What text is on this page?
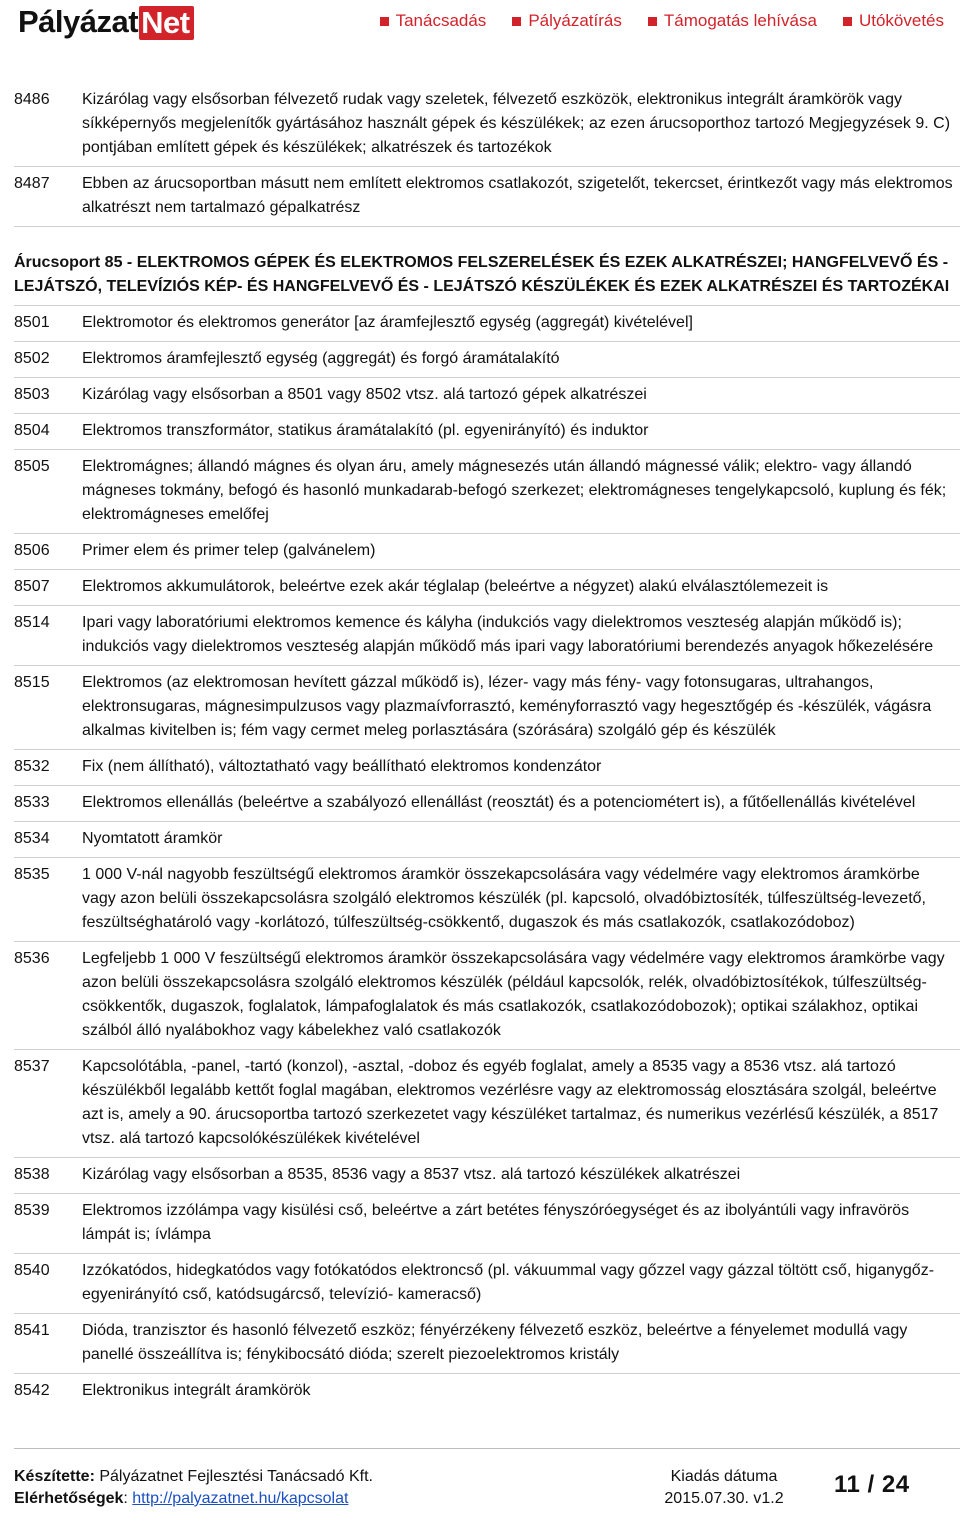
Pályázat Net	Tanácsadás Pályázatírás Támogatás lehívása Utókövetés
8486	Kizárólag vagy elsősorban félvezető rudak vagy szeletek, félvezető eszközök, elektronikus integrált áramkörök vagy síkképernyős megjelenítők gyártásához használt gépek és készülékek; az ezen árucsoporthoz tartozó Megjegyzések 9. C) pontjában említett gépek és készülékek; alkatrészek és tartozékok
8487	Ebben az árucsoportban másutt nem említett elektromos csatlakozót, szigetelőt, tekercset, érintkezőt vagy más elektromos alkatrészt nem tartalmazó gépalkatrész
Árucsoport 85 - ELEKTROMOS GÉPEK ÉS ELEKTROMOS FELSZERELÉSEK ÉS EZEK ALKATRÉSZEI; HANGFELVEVŐ ÉS - LEJÁTSZÓ, TELEVÍZIÓS KÉP- ÉS HANGFELVEVŐ ÉS - LEJÁTSZÓ KÉSZÜLÉKEK ÉS EZEK ALKATRÉSZEI ÉS TARTOZÉKAI
8501	Elektromotor és elektromos generátor [az áramfejlesztő egység (aggregát) kivételével]
8502	Elektromos áramfejlesztő egység (aggregát) és forgó áramátalakító
8503	Kizárólag vagy elsősorban a 8501 vagy 8502 vtsz. alá tartozó gépek alkatrészei
8504	Elektromos transzformátor, statikus áramátalakító (pl. egyenirányító) és induktor
8505	Elektromágnes; állandó mágnes és olyan áru, amely mágnesezés után állandó mágnessé válik; elektro- vagy állandó mágneses tokmány, befogó és hasonló munkadarab-befogó szerkezet; elektromágneses tengelykapcsoló, kuplung és fék; elektromágneses emelőfej
8506	Primer elem és primer telep (galvánelem)
8507	Elektromos akkumulátorok, beleértve ezek akár téglalap (beleértve a négyzet) alakú elválasztólemezeit is
8514	Ipari vagy laboratóriumi elektromos kemence és kályha (indukciós vagy dielektromos veszteség alapján működő is); indukciós vagy dielektromos veszteség alapján működő más ipari vagy laboratóriumi berendezés anyagok hőkezelésére
8515	Elektromos (az elektromosan hevített gázzal működő is), lézer- vagy más fény- vagy fotonsugaras, ultrahangos, elektronsugaras, mágnesimpulzusos vagy plazmaívforrasztó, keményforrasztó vagy hegesztőgép és -készülék, vágásra alkalmas kivitelben is; fém vagy cermet meleg porlasztására (szórására) szolgáló gép és készülék
8532	Fix (nem állítható), változtatható vagy beállítható elektromos kondenzátor
8533	Elektromos ellenállás (beleértve a szabályozó ellenállást (reosztát) és a potenciométert is), a fűtőellenállás kivételével
8534	Nyomtatott áramkör
8535	1 000 V-nál nagyobb feszültségű elektromos áramkör összekapcsolására vagy védelmére vagy elektromos áramkörbe vagy azon belüli összekapcsolásra szolgáló elektromos készülék (pl. kapcsoló, olvadóbiztosíték, túlfeszültség-levezető, feszültséghatároló vagy -korlátozó, túlfeszültség-csökkentő, dugaszok és más csatlakozók, csatlakozódoboz)
8536	Legfeljebb 1 000 V feszültségű elektromos áramkör összekapcsolására vagy védelmére vagy elektromos áramkörbe vagy azon belüli összekapcsolásra szolgáló elektromos készülék (például kapcsolók, relék, olvadóbiztosítékok, túlfeszültség-csökkentők, dugaszok, foglalatok, lámpafoglalatok és más csatlakozók, csatlakozódobozok); optikai szálakhoz, optikai szálból álló nyalábokhoz vagy kábelekhez való csatlakozók
8537	Kapcsolótábla, -panel, -tartó (konzol), -asztal, -doboz és egyéb foglalat, amely a 8535 vagy a 8536 vtsz. alá tartozó készülékből legalább kettőt foglal magában, elektromos vezérlésre vagy az elektromosság elosztására szolgál, beleértve azt is, amely a 90. árucsoportba tartozó szerkezetet vagy készüléket tartalmaz, és numerikus vezérlésű készülék, a 8517 vtsz. alá tartozó kapcsolókészülékek kivételével
8538	Kizárólag vagy elsősorban a 8535, 8536 vagy a 8537 vtsz. alá tartozó készülékek alkatrészei
8539	Elektromos izzólámpa vagy kisülési cső, beleértve a zárt betétes fényszóróegységet és az ibolyántúli vagy infravörös lámpát is; ívlámpa
8540	Izzókatódos, hidegkatódos vagy fotókatódos elektroncső (pl. vákuummal vagy gőzzel vagy gázzal töltött cső, higanygőz-egyenirányító cső, katódsugárcső, televízió- kameracső)
8541	Dióda, tranzisztor és hasonló félvezető eszköz; fényérzékeny félvezető eszköz, beleértve a fényelemet modullá vagy panellé összeállítva is; fénykibocsátó dióda; szerelt piezoelektromos kristály
8542	Elektronikus integrált áramkörök
Készítette: Pályázatnet Fejlesztési Tanácsadó Kft.
Elérhetőségek: http://palyazatnet.hu/kapcsolat
Kiadás dátuma
2015.07.30. v1.2
11 / 24
